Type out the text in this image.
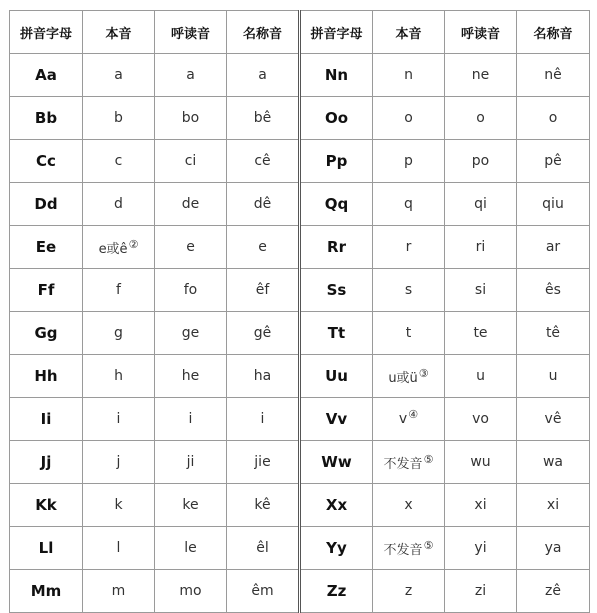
拼音字母	本音	呼读音	名称音	拼音字母	本音	呼读音	名称音
Aa	a	a	a	Nn	n	ne	nê
Bb	b	bo	bê	Oo	o	o	o
Cc	c	ci	cê	Pp	p	po	pê
Dd	d	de	dê	Qq	q	qi	qiu
Ee	e或ê②	e	e	Rr	r	ri	ar
Ff	f	fo	êf	Ss	s	si	ês
Gg	g	ge	gê	Tt	t	te	tê
Hh	h	he	ha	Uu	u或ü③	u	u
Ii	i	i	i	Vv	v④	vo	vê
Jj	j	ji	jie	Ww	不发音⑤	wu	wa
Kk	k	ke	kê	Xx	x	xi	xi
Ll	l	le	êl	Yy	不发音⑤	yi	ya
Mm	m	mo	êm	Zz	z	zi	zê
